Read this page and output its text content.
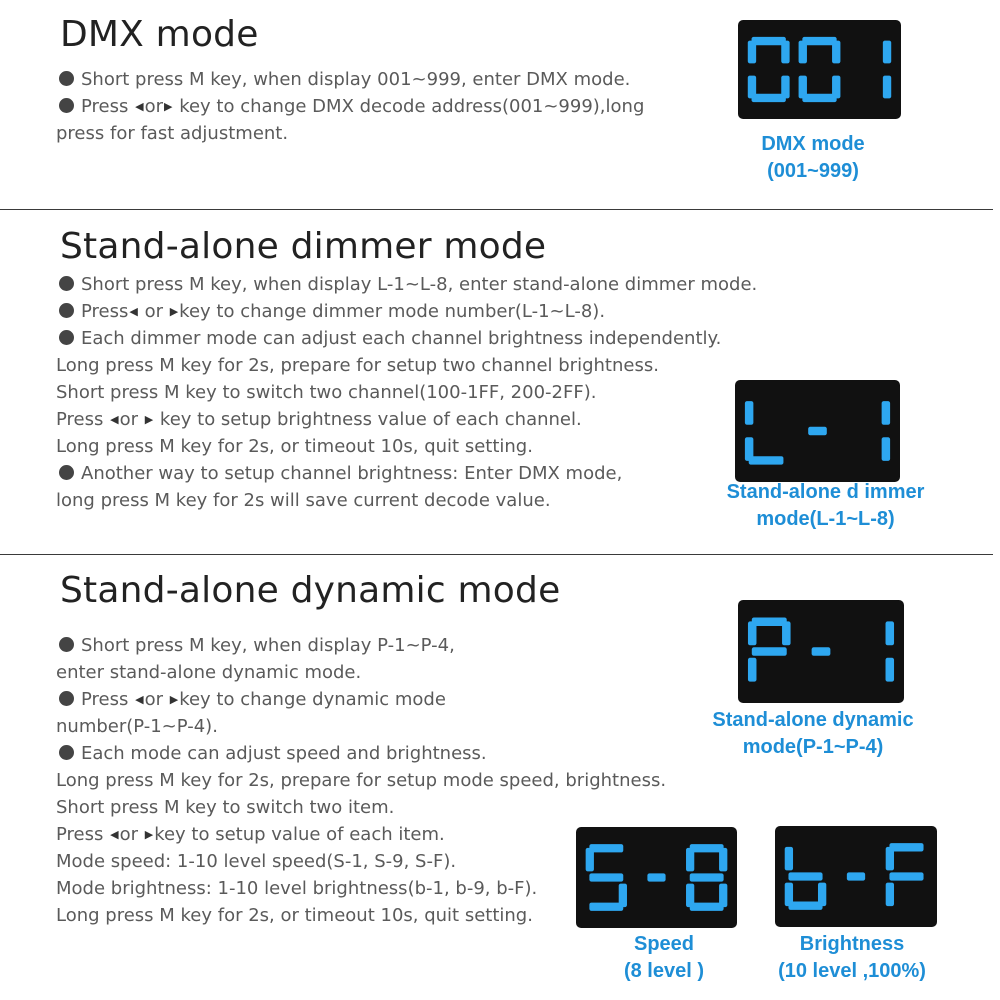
DMX mode
Short press M key, when display 001~999, enter DMX mode.
Press ◀or▶ key to change DMX decode address(001~999),long
press for fast adjustment.	DMX mode
(001~999)
Stand-alone dimmer mode
Short press M key, when display L-1~L-8, enter stand-alone dimmer mode.
Press◀ or ▶key to change dimmer mode number(L-1~L-8).
Each dimmer mode can adjust each channel brightness independently.
Long press M key for 2s, prepare for setup two channel brightness.
Short press M key to switch two channel(100-1FF, 200-2FF).
Press ◀or ▶ key to setup brightness value of each channel.
Long press M key for 2s, or timeout 10s, quit setting.
Another way to setup channel brightness: Enter DMX mode,
long press M key for 2s will save current decode value.	Stand-alone d immer
mode(L-1~L-8)
Stand-alone dynamic mode
Short press M key, when display P-1~P-4,
enter stand-alone dynamic mode.
Press ◀or ▶key to change dynamic mode
number(P-1~P-4).
Each mode can adjust speed and brightness.
Long press M key for 2s, prepare for setup mode speed, brightness.
Short press M key to switch two item.
Press ◀or ▶key to setup value of each item.
Mode speed: 1-10 level speed(S-1, S-9, S-F).
Mode brightness: 1-10 level brightness(b-1, b-9, b-F).
Long press M key for 2s, or timeout 10s, quit setting.
Stand-alone dynamic
mode(P-1~P-4)
Speed
(8 level )
Brightness
(10 level ,100%)
